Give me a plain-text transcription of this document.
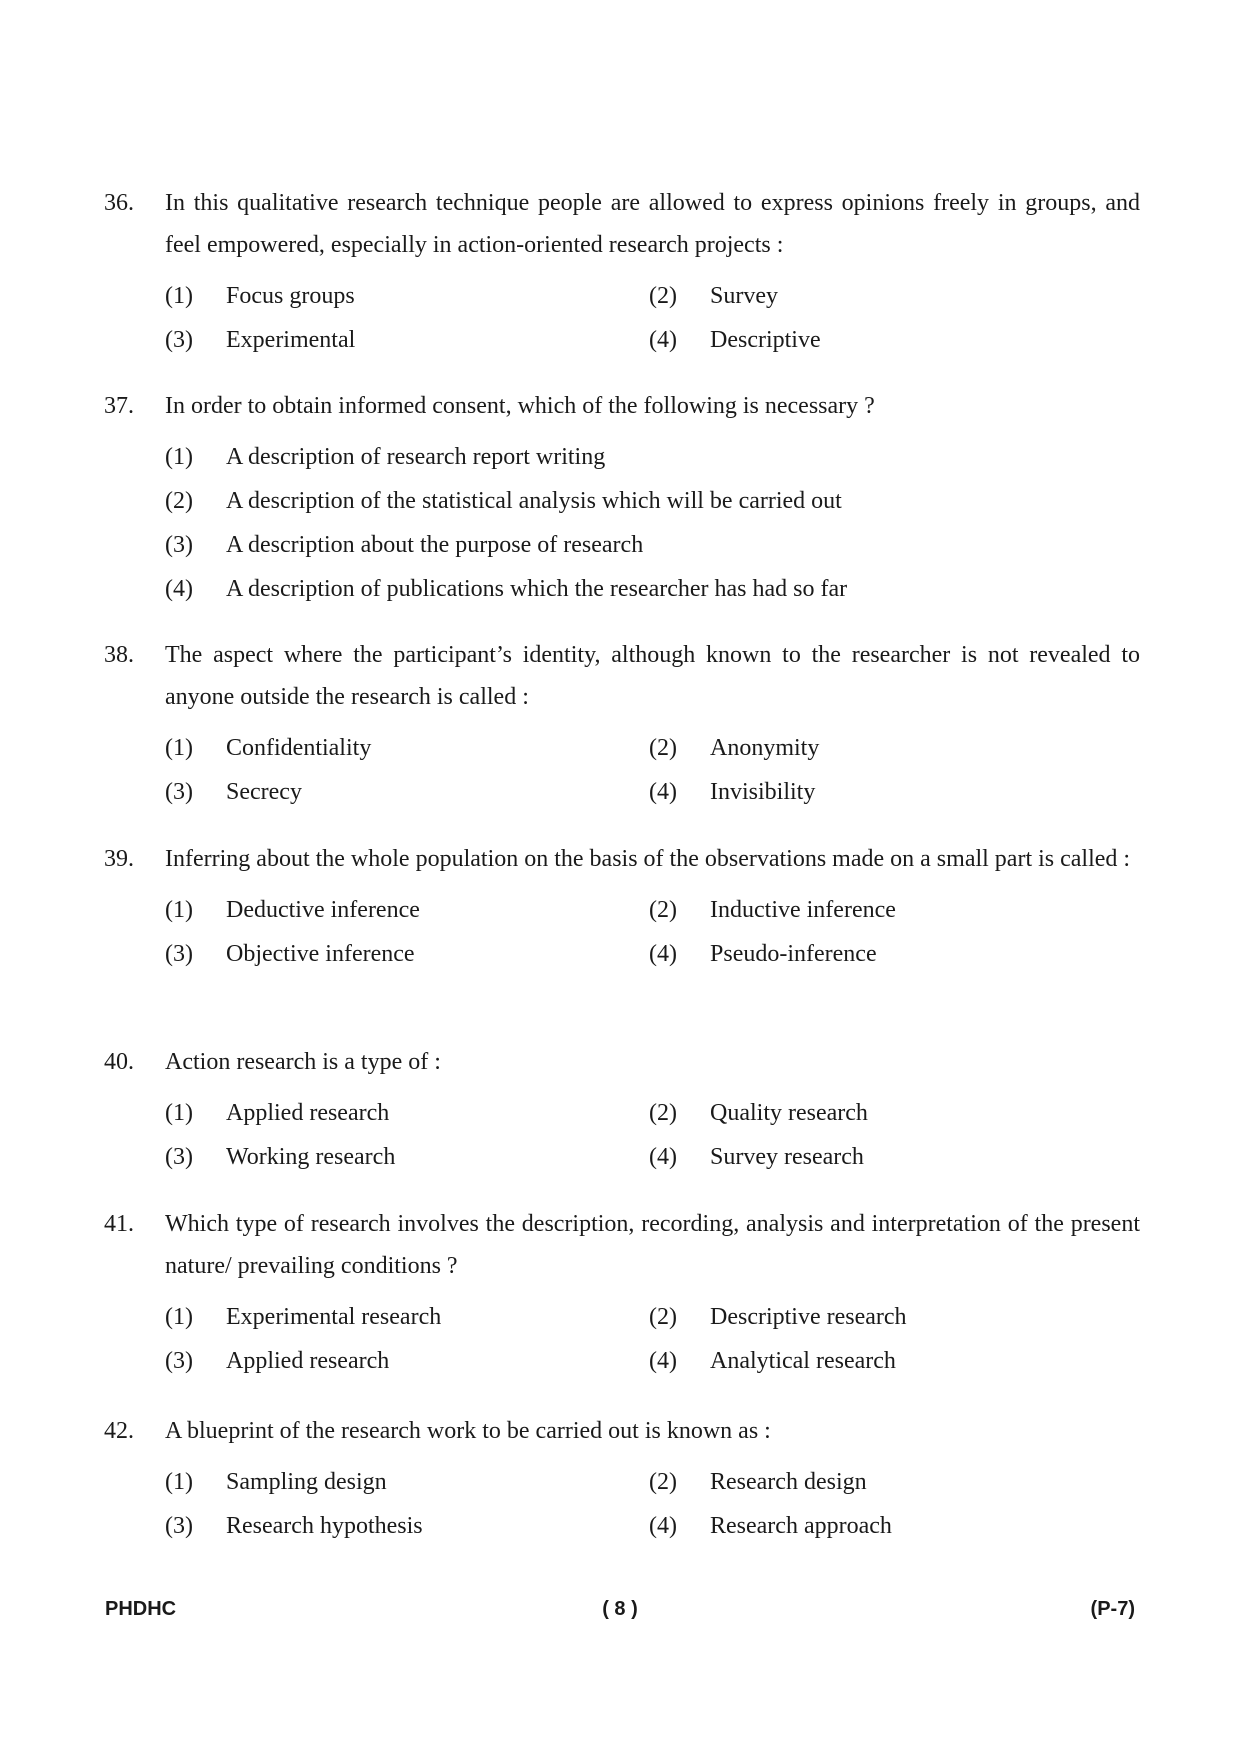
36.	In this qualitative research technique people are allowed to express opinions freely in groups, and feel empowered, especially in action-oriented research projects :
(1)	Focus groups	(2)	Survey
(3)	Experimental	(4)	Descriptive
37.	In order to obtain informed consent, which of the following is necessary ?
(1)	A description of research report writing
(2)	A description of the statistical analysis which will be carried out
(3)	A description about the purpose of research
(4)	A description of publications which the researcher has had so far
38.	The aspect where the participant’s identity, although known to the researcher is not revealed to anyone outside the research is called :
(1)	Confidentiality	(2)	Anonymity
(3)	Secrecy	(4)	Invisibility
39.	Inferring about the whole population on the basis of the observations made on a small part is called :
(1)	Deductive inference	(2)	Inductive inference
(3)	Objective inference	(4)	Pseudo-inference
40.	Action research is a type of :
(1)	Applied research	(2)	Quality research
(3)	Working research	(4)	Survey research
41.	Which type of research involves the description, recording, analysis and interpretation of the present nature/ prevailing conditions ?
(1)	Experimental research	(2)	Descriptive research
(3)	Applied research	(4)	Analytical research
42.	A blueprint of the research work to be carried out is known as :
(1)	Sampling design	(2)	Research design
(3)	Research hypothesis	(4)	Research approach
PHDHC	( 8 )	(P-7)
